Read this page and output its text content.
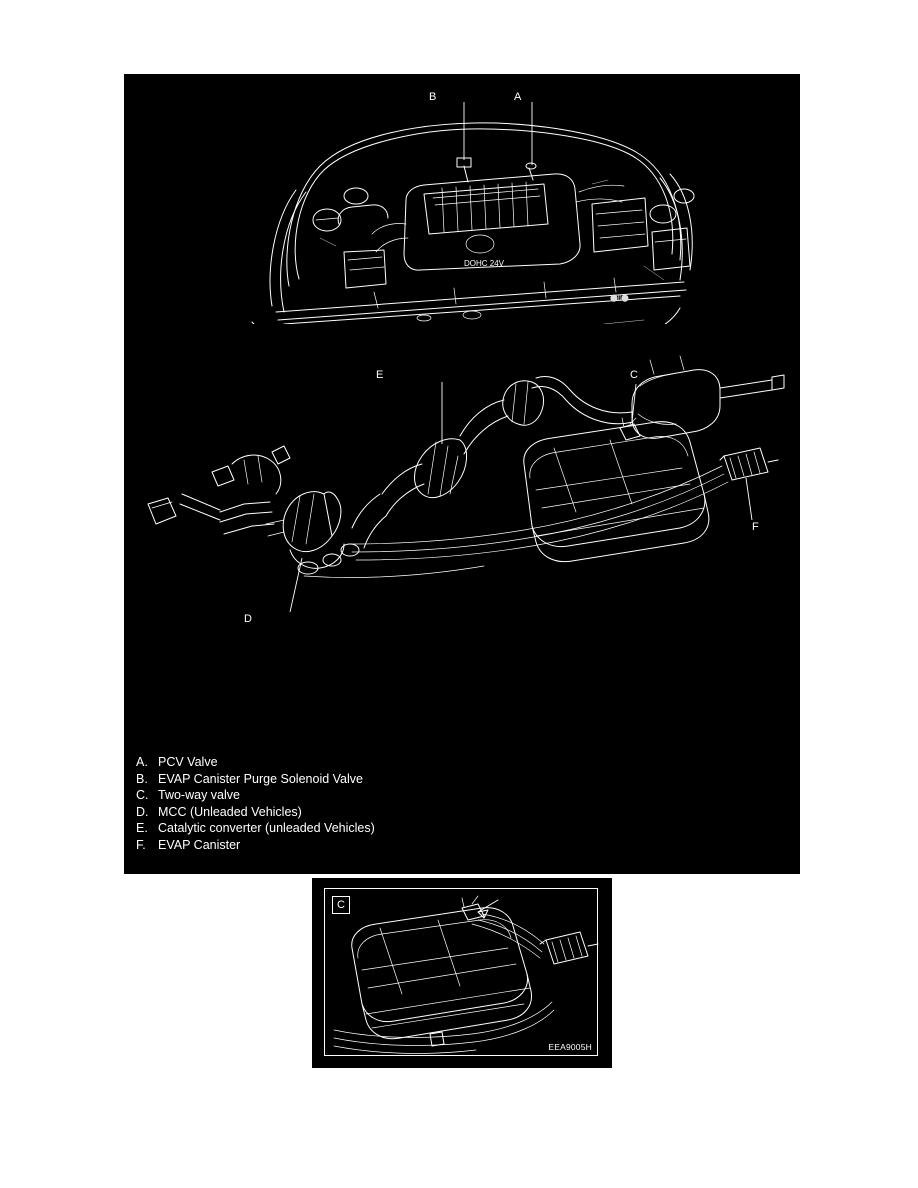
DOHC 24V
⬤ll⬤
A
B
C
E
F
D
A. PCV Valve
B. EVAP Canister Purge Solenoid Valve
C. Two-way valve
D. MCC (Unleaded Vehicles)
E. Catalytic converter (unleaded Vehicles)
F. EVAP Canister
C
EEA9005H
